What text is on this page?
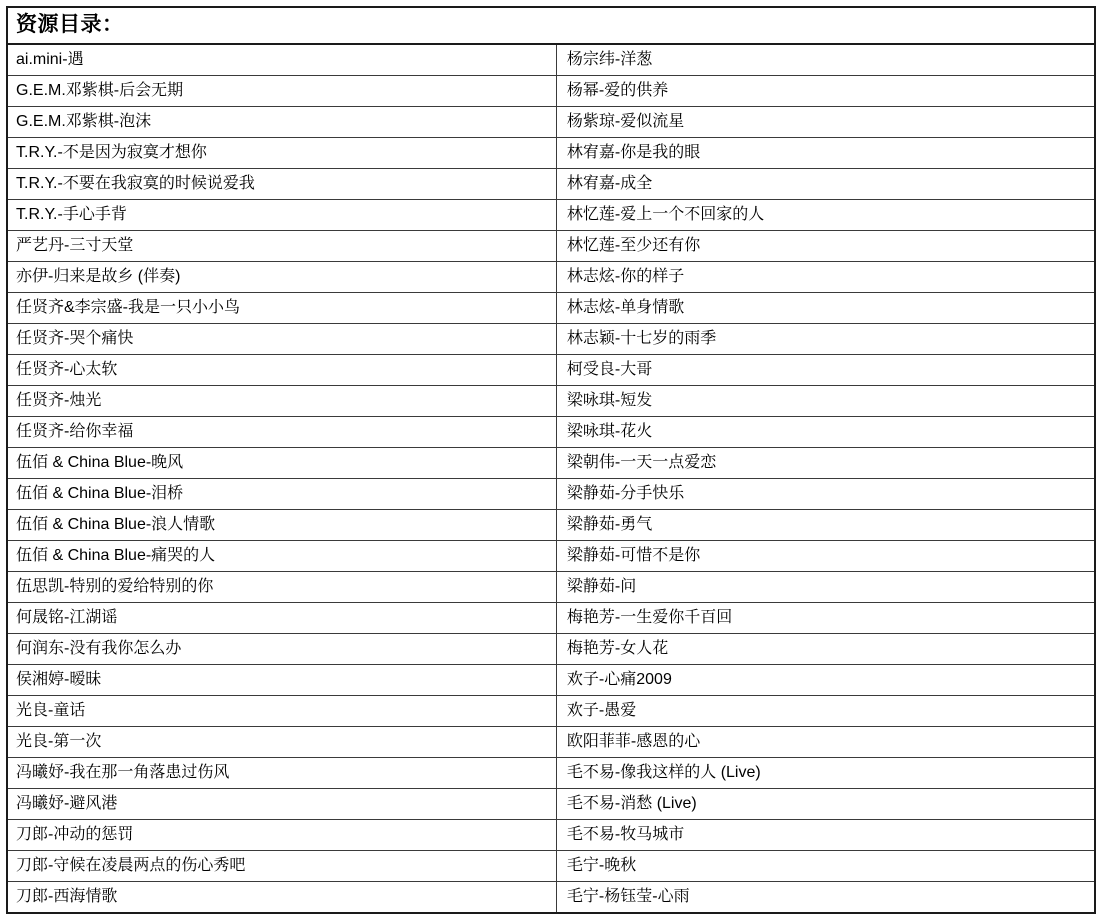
资源目录：
ai.mini-遇	杨宗纬-洋葱
G.E.M.邓紫棋-后会无期	杨幂-爱的供养
G.E.M.邓紫棋-泡沫	杨紫琼-爱似流星
T.R.Y.-不是因为寂寞才想你	林宥嘉-你是我的眼
T.R.Y.-不要在我寂寞的时候说爱我	林宥嘉-成全
T.R.Y.-手心手背	林忆莲-爱上一个不回家的人
严艺丹-三寸天堂	林忆莲-至少还有你
亦伊-归来是故乡 (伴奏)	林志炫-你的样子
任贤齐&李宗盛-我是一只小小鸟	林志炫-单身情歌
任贤齐-哭个痛快	林志颖-十七岁的雨季
任贤齐-心太软	柯受良-大哥
任贤齐-烛光	梁咏琪-短发
任贤齐-给你幸福	梁咏琪-花火
伍佰 & China Blue-晚风	梁朝伟-一天一点爱恋
伍佰 & China Blue-泪桥	梁静茹-分手快乐
伍佰 & China Blue-浪人情歌	梁静茹-勇气
伍佰 & China Blue-痛哭的人	梁静茹-可惜不是你
伍思凯-特别的爱给特别的你	梁静茹-问
何晟铭-江湖谣	梅艳芳-一生爱你千百回
何润东-没有我你怎么办	梅艳芳-女人花
侯湘婷-暧昧	欢子-心痛2009
光良-童话	欢子-愚爱
光良-第一次	欧阳菲菲-感恩的心
冯曦妤-我在那一角落患过伤风	毛不易-像我这样的人 (Live)
冯曦妤-避风港	毛不易-消愁 (Live)
刀郎-冲动的惩罚	毛不易-牧马城市
刀郎-守候在凌晨两点的伤心秀吧	毛宁-晚秋
刀郎-西海情歌	毛宁-杨钰莹-心雨
